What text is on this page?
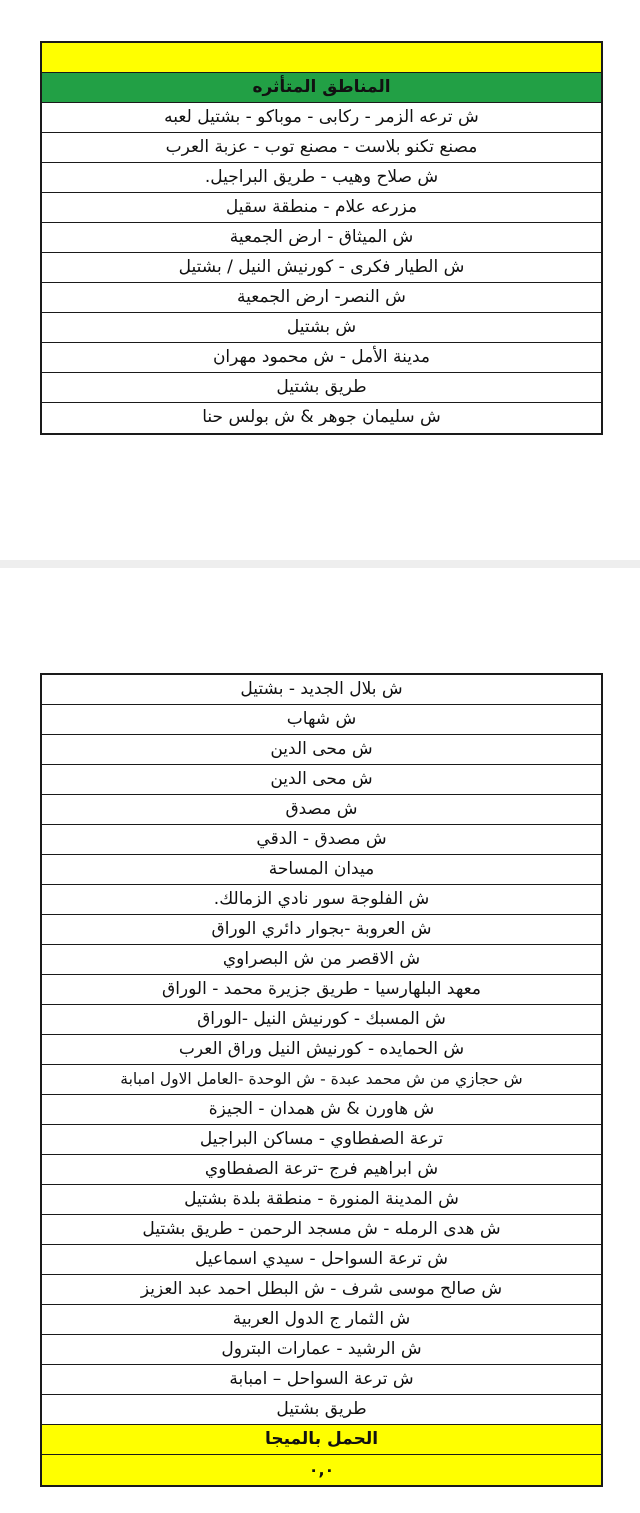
المناطق المتأثره
ش ترعه الزمر - ركابى - موباكو - بشتيل لعبه
مصنع تكنو بلاست - مصنع توب - عزبة العرب
ش صلاح وهيب - طريق البراجيل.
مزرعه علام - منطقة سقيل
ش الميثاق - ارض الجمعية
ش الطيار فكرى - كورنيش النيل / بشتيل
ش النصر- ارض الجمعية
ش بشتيل
مدينة الأمل - ش محمود مهران
طريق بشتيل
ش سليمان جوهر & ش بولس حنا
ش بلال الجديد - بشتيل
ش شهاب
ش محى الدين
ش محى الدين
ش مصدق
ش مصدق - الدقي
ميدان المساحة
ش الفلوجة سور نادي الزمالك.
ش العروبة -بجوار دائري الوراق
ش الاقصر من ش البصراوي
معهد البلهارسيا - طريق جزيرة محمد - الوراق
ش المسبك - كورنيش النيل -الوراق
ش الحمايده - كورنيش النيل وراق العرب
ش حجازي من ش محمد عبدة - ش الوحدة -العامل الاول امبابة
ش هاورن & ش همدان - الجيزة
ترعة الصفطاوي - مساكن البراجيل
ش ابراهيم فرج -ترعة الصفطاوي
ش المدينة المنورة - منطقة بلدة بشتيل
ش هدى الرمله - ش مسجد الرحمن - طريق بشتيل
ش ترعة السواحل - سيدي اسماعيل
ش صالح موسى شرف - ش البطل احمد عبد العزيز
ش الثمار ج الدول العربية
ش الرشيد - عمارات البترول
ش ترعة السواحل – امبابة
طريق بشتيل
الحمل بالميجا
٠,٠
